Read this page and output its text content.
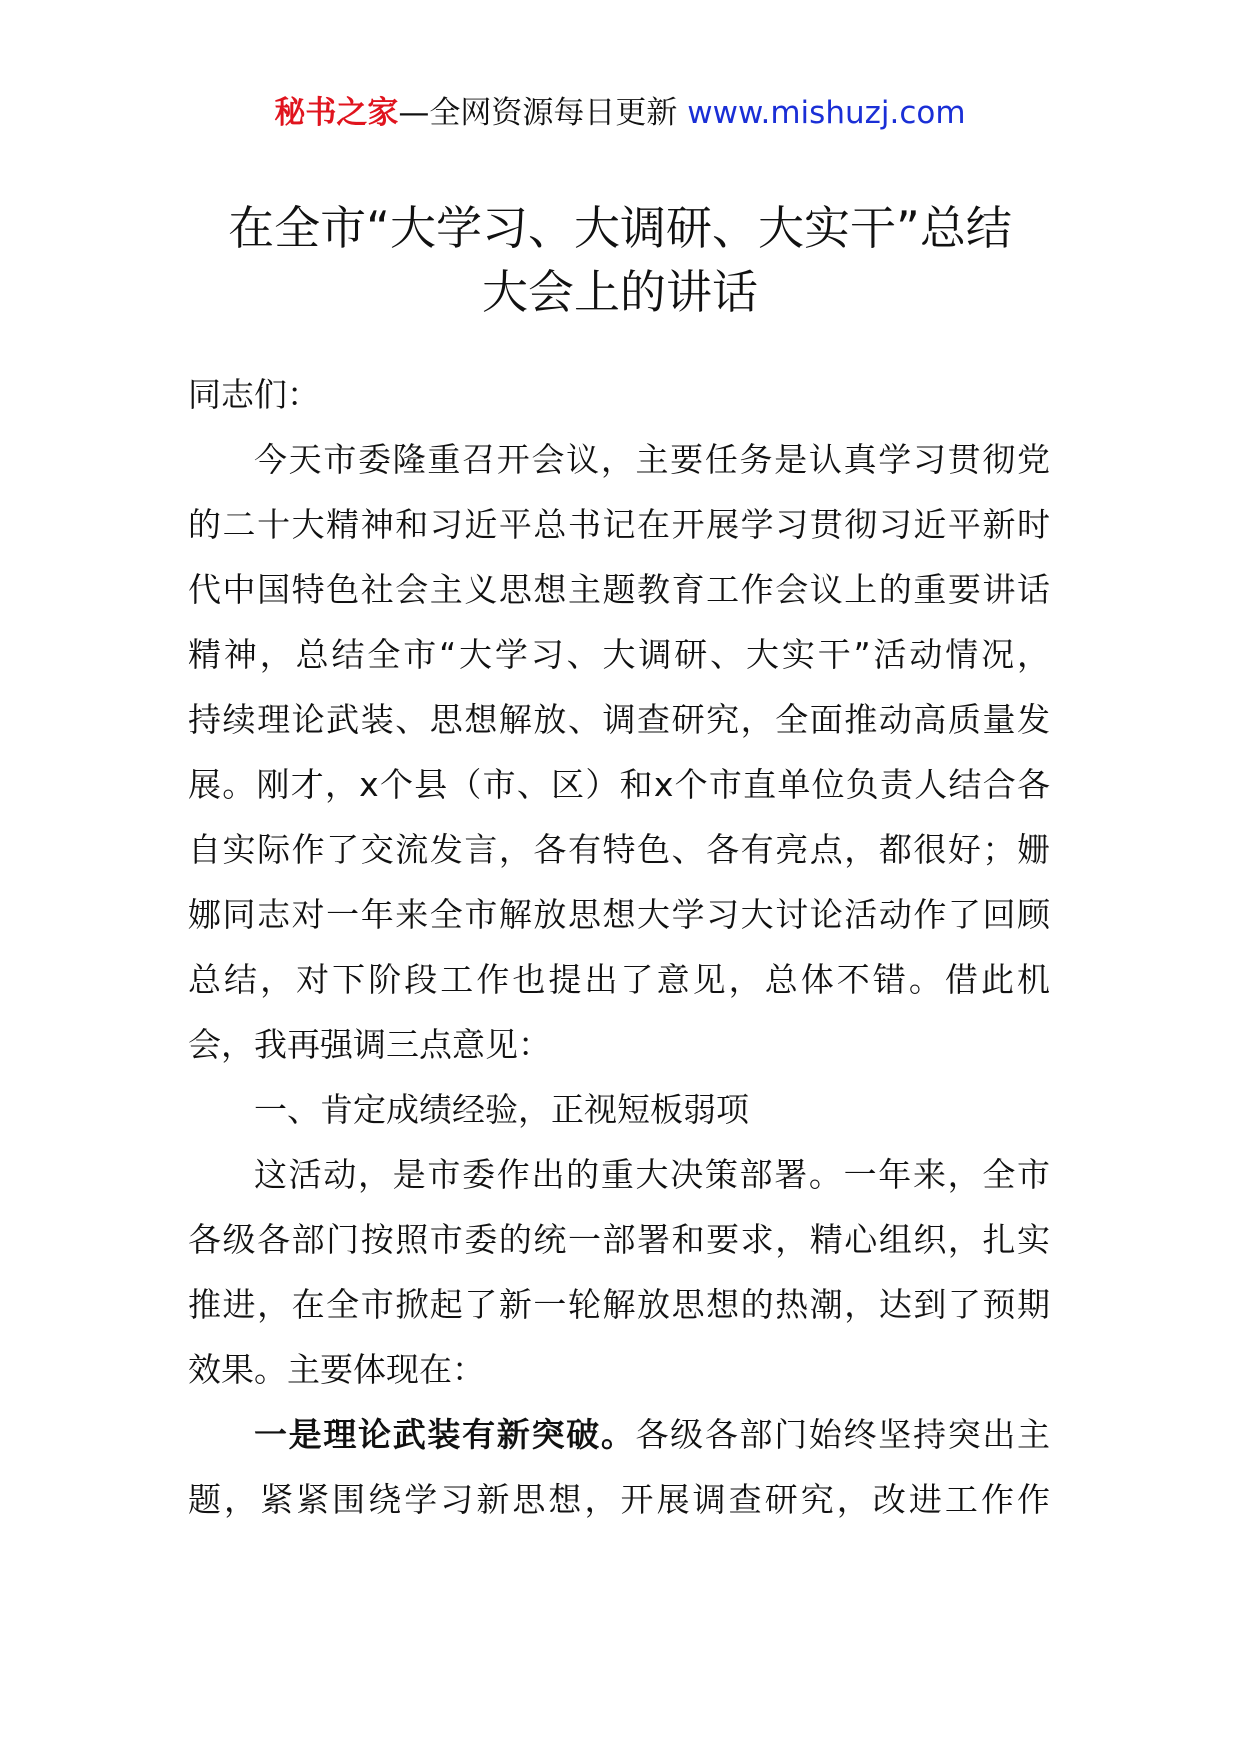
秘书之家—全网资源每日更新 www.mishuzj.com
在全市“大学习、大调研、大实干”总结
大会上的讲话
同志们：
今天市委隆重召开会议，主要任务是认真学习贯彻党
的二十大精神和习近平总书记在开展学习贯彻习近平新时
代中国特色社会主义思想主题教育工作会议上的重要讲话
精神，总结全市“大学习、大调研、大实干”活动情况，
持续理论武装、思想解放、调查研究，全面推动高质量发
展。刚才，x个县（市、区）和x个市直单位负责人结合各
自实际作了交流发言，各有特色、各有亮点，都很好；姗
娜同志对一年来全市解放思想大学习大讨论活动作了回顾
总结，对下阶段工作也提出了意见，总体不错。借此机
会，我再强调三点意见：
一、肯定成绩经验，正视短板弱项
这活动，是市委作出的重大决策部署。一年来，全市
各级各部门按照市委的统一部署和要求，精心组织，扎实
推进，在全市掀起了新一轮解放思想的热潮，达到了预期
效果。主要体现在：
一是理论武装有新突破。各级各部门始终坚持突出主
题，紧紧围绕学习新思想，开展调查研究，改进工作作
